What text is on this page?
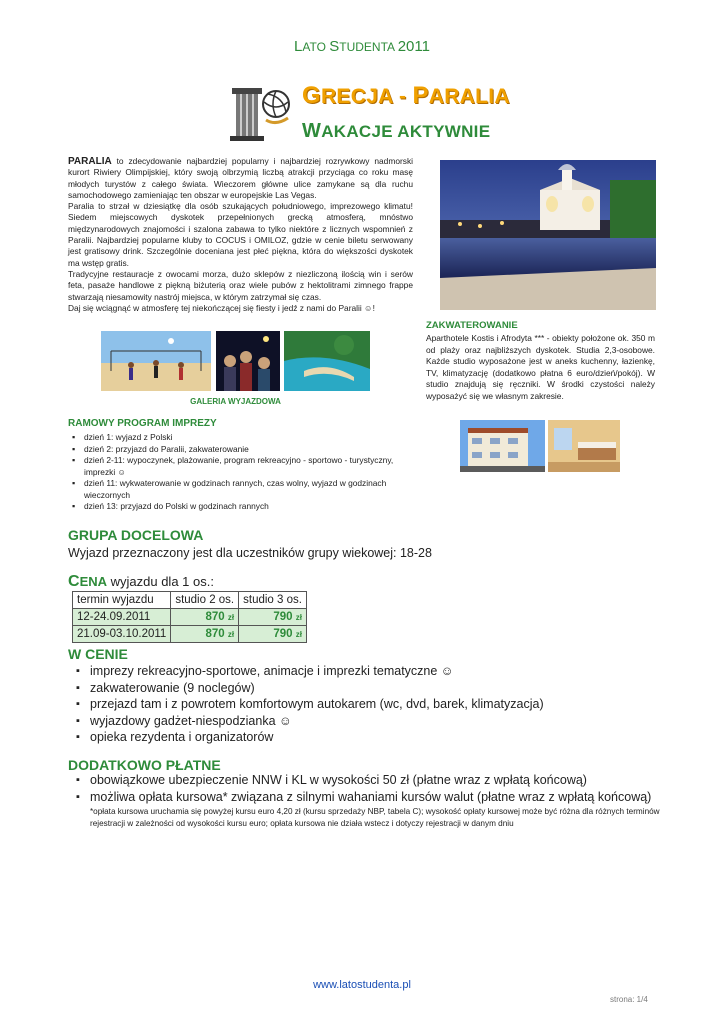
LATO STUDENTA 2011
GRECJA - PARALIA
WAKACJE AKTYWNIE

PARALIA to zdecydowanie najbardziej popularny i najbardziej rozrywkowy nadmorski kurort Riwiery Olimpijskiej, który swoją olbrzymią liczbą atrakcji przyciąga co roku masę młodych turystów z całego świata. Wieczorem główne ulice zamykane są dla ruchu samochodowego zamieniając ten obszar w europejskie Las Vegas.

Paralia to strzał w dziesiątkę dla osób szukających południowego, imprezowego klimatu! Siedem miejscowych dyskotek przepełnionych grecką atmosferą, mnóstwo międzynarodowych znajomości i szalona zabawa to tylko niektóre z licznych wspomnień z Paralii. Najbardziej popularne kluby to COCUS i OMILOZ, gdzie w cenie biletu serwowany jest gratisowy drink. Szczególnie doceniana jest płeć piękna, która do większości dyskotek ma wstęp gratis.

Tradycyjne restauracje z owocami morza, dużo sklepów z niezliczoną ilością win i serów feta, pasaże handlowe z piękną biżuterią oraz wiele pubów z hektolitrami zimnego frappe stwarzają niesamowity nastrój miejsca, w którym zatrzymał się czas.

Daj się wciągnąć w atmosferę tej niekończącej się fiesty i jedź z nami do Paralii ☺!

ZAKWATEROWANIE
Aparthotele Kostis i Afrodyta *** - obiekty położone ok. 350 m od plaży oraz najbliższych dyskotek. Studia 2,3-osobowe. Każde studio wyposażone jest w aneks kuchenny, łazienkę, TV, klimatyzację (dodatkowo płatna 6 euro/dzień/pokój). W studio znajdują się ręczniki. W środki czystości należy wyposażyć się we własnym zakresie.
GALERIA WYJAZDOWA
RAMOWY PROGRAM IMPREZY
▪ dzień 1: wyjazd z Polski
▪ dzień 2: przyjazd do Paralii, zakwaterowanie
▪ dzień 2-11: wypoczynek, plażowanie, program rekreacyjno - sportowo - turystyczny, imprezki ☺
▪ dzień 11: wykwaterowanie w godzinach rannych, czas wolny, wyjazd w godzinach wieczornych
▪ dzień 13: przyjazd do Polski w godzinach rannych
GRUPA DOCELOWA
Wyjazd przeznaczony jest dla uczestników grupy wiekowej: 18-28
CENA wyjazdu dla 1 os.:
termin wyjazdu	studio 2 os.	studio 3 os.
12-24.09.2011	870 zł	790 zł
21.09-03.10.2011	870 zł	790 zł
W CENIE
▪ imprezy rekreacyjno-sportowe, animacje i imprezki tematyczne ☺
▪ zakwaterowanie (9 noclegów)
▪ przejazd tam i z powrotem komfortowym autokarem (wc, dvd, barek, klimatyzacja)
▪ wyjazdowy gadżet-niespodzianka ☺
▪ opieka rezydenta i organizatorów
DODATKOWO PŁATNE
▪ obowiązkowe ubezpieczenie NNW i KL w wysokości 50 zł (płatne wraz z wpłatą końcową)
▪ możliwa opłata kursowa* związana z silnymi wahaniami kursów walut (płatne wraz z wpłatą końcową)
*opłata kursowa uruchamia się powyżej kursu euro 4,20 zł (kursu sprzedaży NBP, tabela C); wysokość opłaty kursowej może być różna dla różnych terminów rejestracji w zależności od wysokości kursu euro; opłata kursowa nie działa wstecz i dotyczy rejestracji w danym dniu
www.latostudenta.pl
strona: 1/4
